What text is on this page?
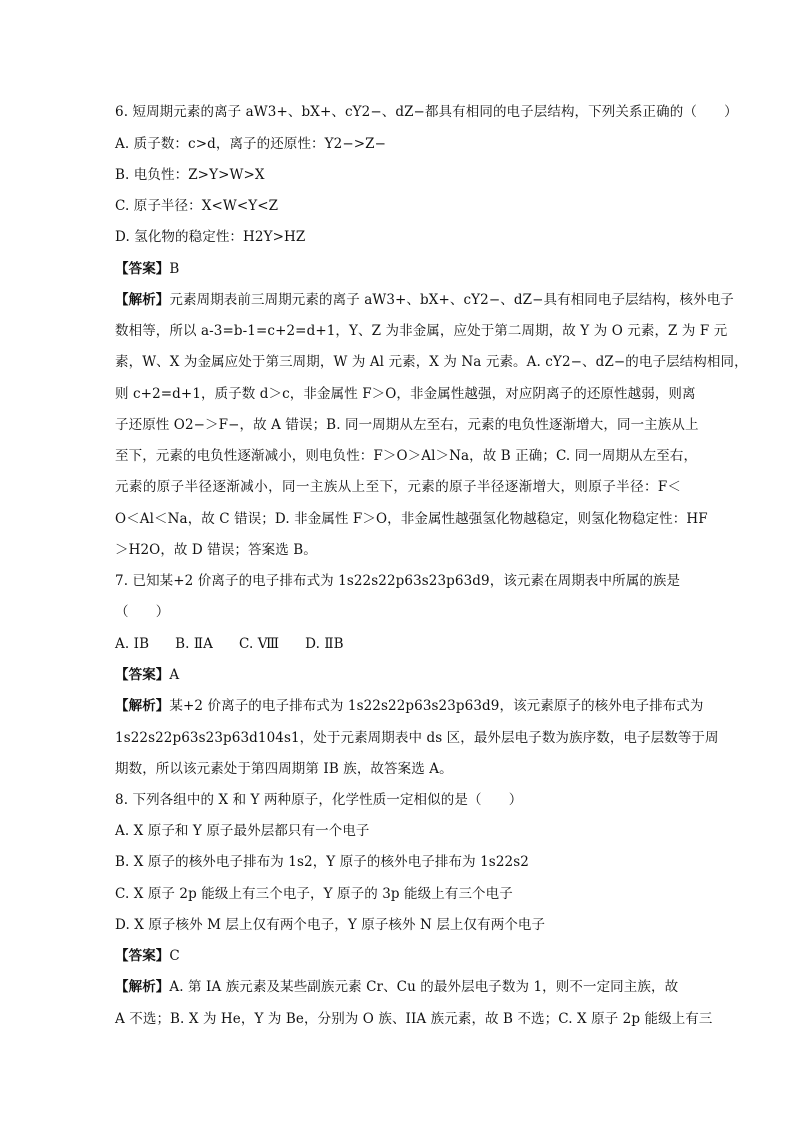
6. 短周期元素的离子 aW3+、bX+、cY2−、dZ−都具有相同的电子层结构，下列关系正确的（　　）
A. 质子数：c>d，离子的还原性：Y2−>Z−
B. 电负性：Z>Y>W>X
C. 原子半径：X<W<Y<Z
D. 氢化物的稳定性：H2Y>HZ
【答案】B
【解析】元素周期表前三周期元素的离子 aW3+、bX+、cY2−、dZ−具有相同电子层结构，核外电子
数相等，所以 a-3=b-1=c+2=d+1，Y、Z 为非金属，应处于第二周期，故 Y 为 O 元素，Z 为 F 元
素，W、X 为金属应处于第三周期，W 为 Al 元素，X 为 Na 元素。A. cY2−、dZ−的电子层结构相同，
则 c+2=d+1，质子数 d＞c，非金属性 F＞O，非金属性越强，对应阴离子的还原性越弱，则离
子还原性 O2−＞F−，故 A 错误；B. 同一周期从左至右，元素的电负性逐渐增大，同一主族从上
至下，元素的电负性逐渐减小，则电负性：F＞O＞Al＞Na，故 B 正确；C. 同一周期从左至右，
元素的原子半径逐渐减小，同一主族从上至下，元素的原子半径逐渐增大，则原子半径：F＜
O＜Al＜Na，故 C 错误；D. 非金属性 F＞O，非金属性越强氢化物越稳定，则氢化物稳定性：HF
＞H2O，故 D 错误；答案选 B。
7. 已知某+2 价离子的电子排布式为 1s22s22p63s23p63d9，该元素在周期表中所属的族是
（　　）
A. ⅠB B. ⅡA C. Ⅷ D. ⅡB
【答案】A
【解析】某+2 价离子的电子排布式为 1s22s22p63s23p63d9，该元素原子的核外电子排布式为
1s22s22p63s23p63d104s1，处于元素周期表中 ds 区，最外层电子数为族序数，电子层数等于周
期数，所以该元素处于第四周期第 IB 族，故答案选 A。
8. 下列各组中的 X 和 Y 两种原子，化学性质一定相似的是（　　）
A. X 原子和 Y 原子最外层都只有一个电子
B. X 原子的核外电子排布为 1s2，Y 原子的核外电子排布为 1s22s2
C. X 原子 2p 能级上有三个电子，Y 原子的 3p 能级上有三个电子
D. X 原子核外 M 层上仅有两个电子，Y 原子核外 N 层上仅有两个电子
【答案】C
【解析】A. 第 IA 族元素及某些副族元素 Cr、Cu 的最外层电子数为 1，则不一定同主族，故
A 不选；B. X 为 He，Y 为 Be，分别为 O 族、IIA 族元素，故 B 不选；C. X 原子 2p 能级上有三
